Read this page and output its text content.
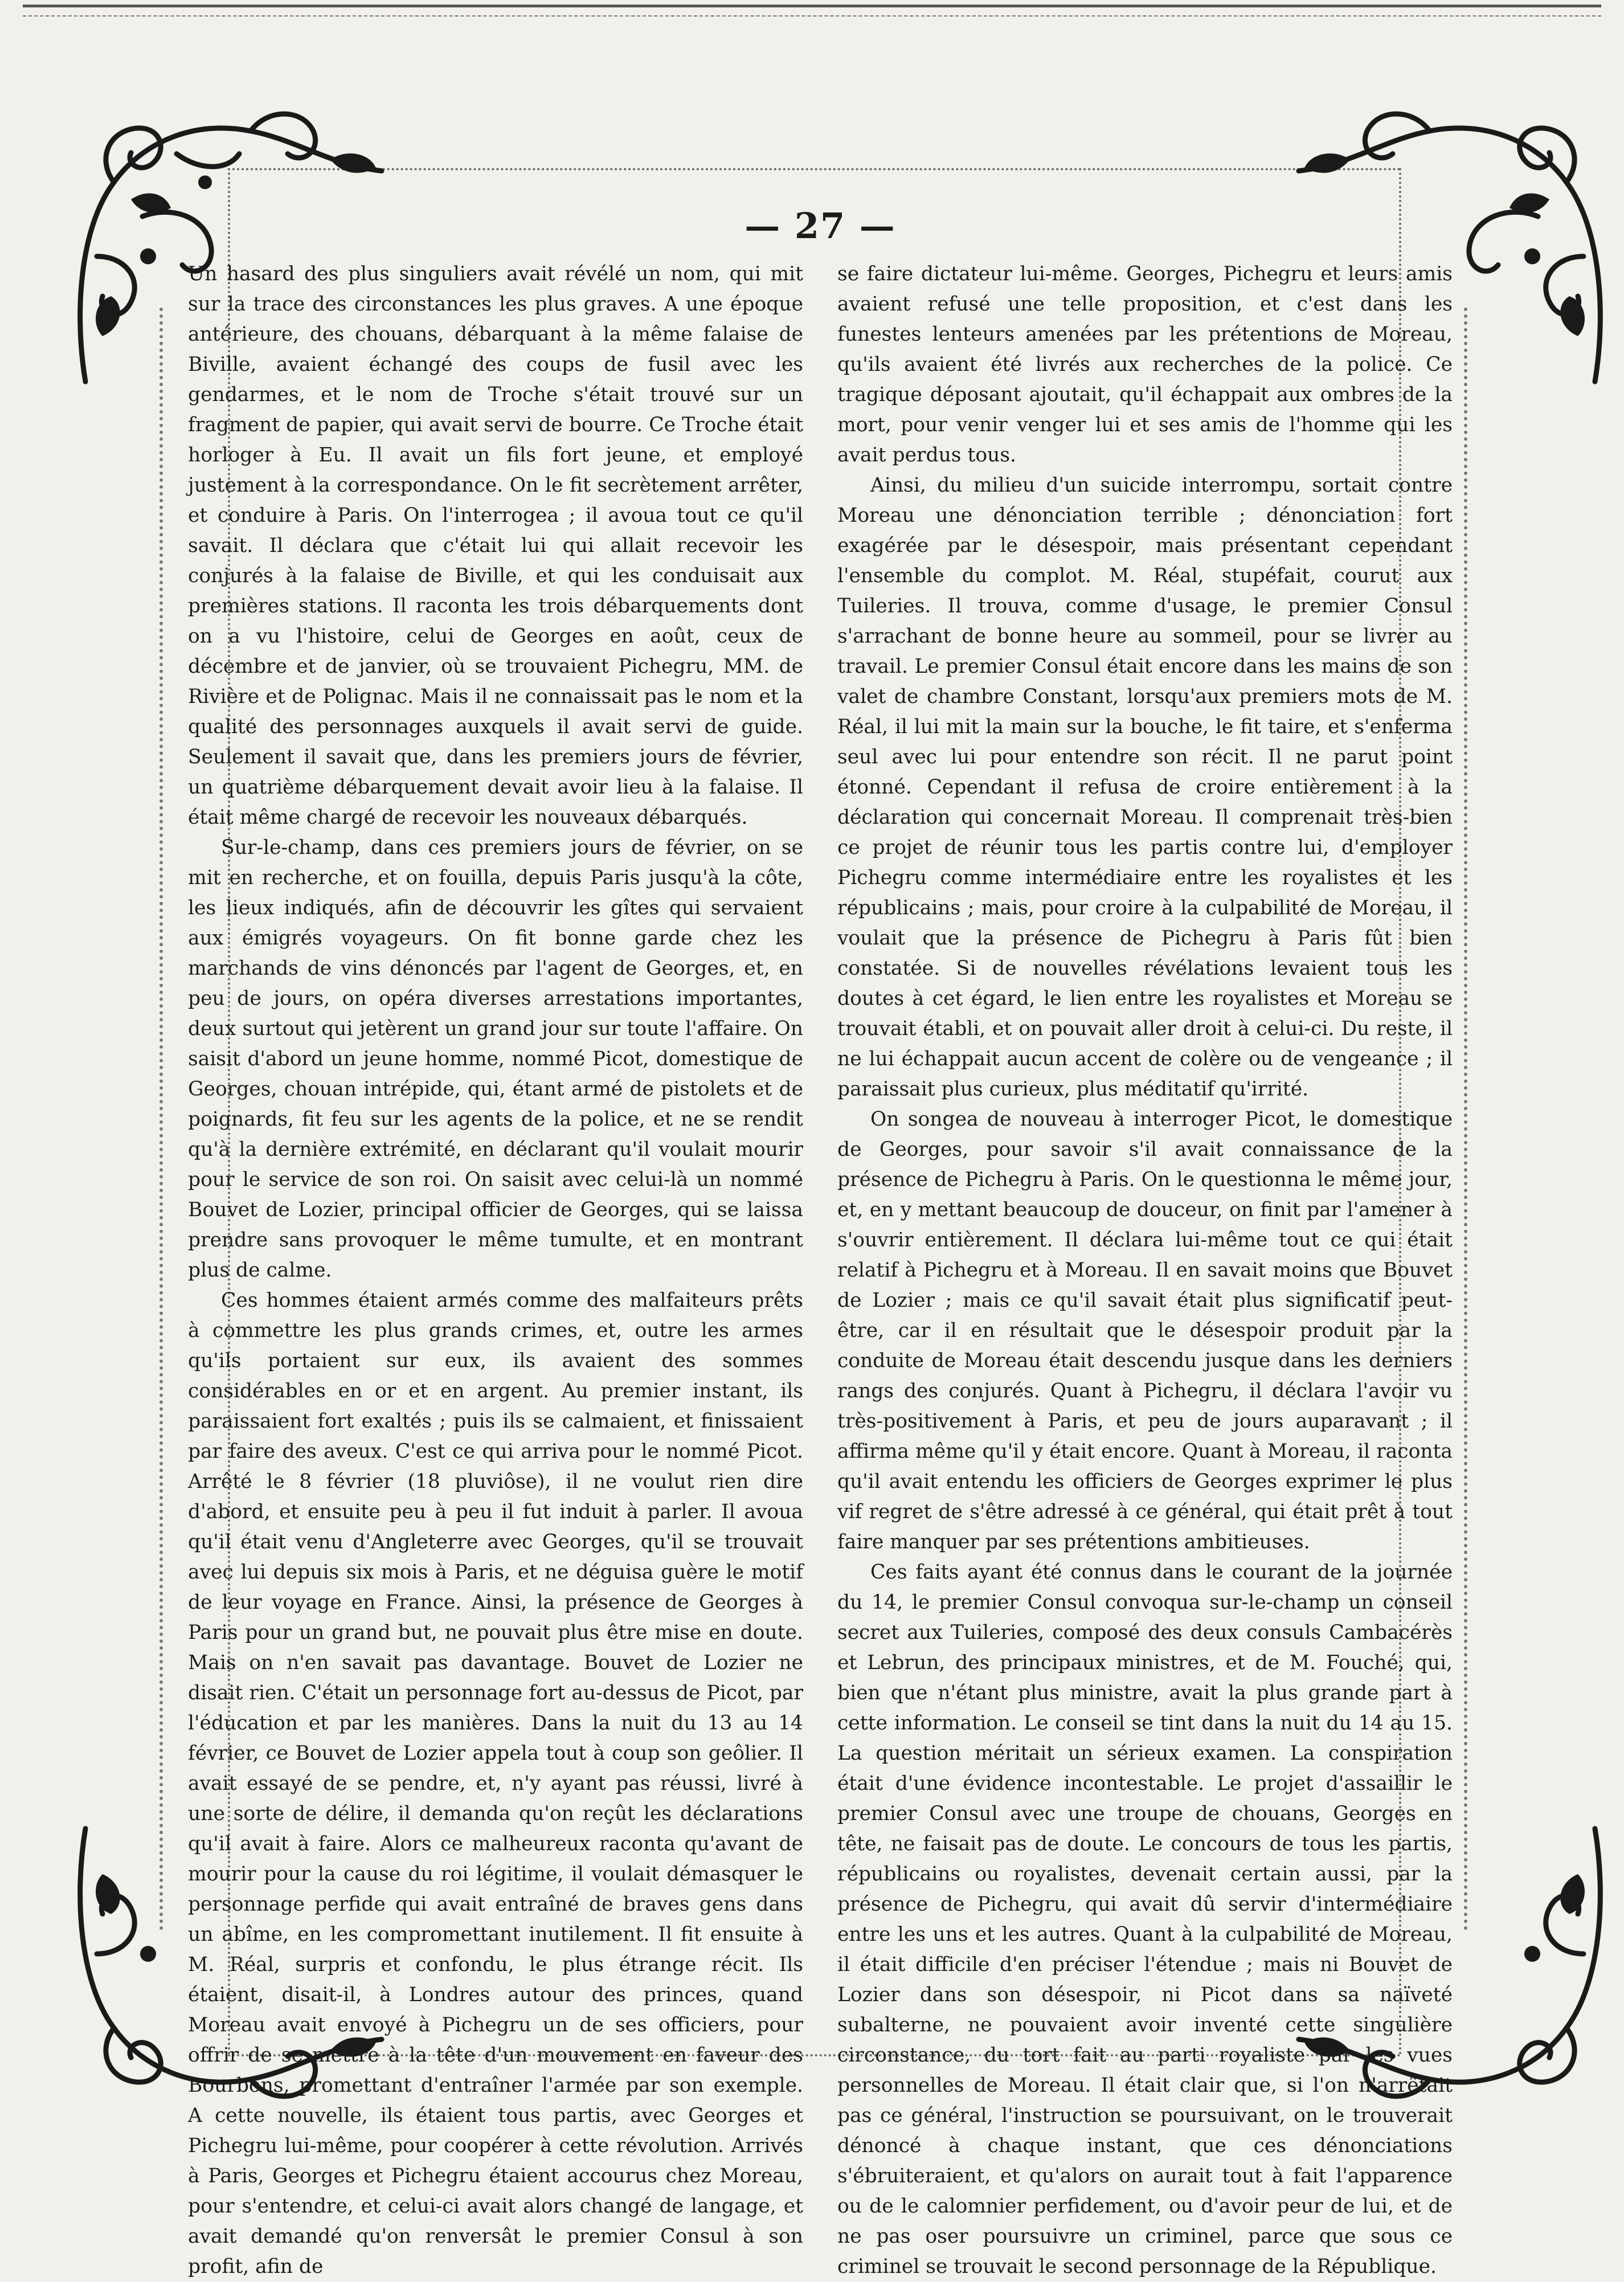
— 27 —

Un hasard des plus singuliers avait révélé un nom, qui mit sur la trace des circonstances les plus graves. A une époque antérieure, des chouans, débarquant à la même falaise de Biville, avaient échangé des coups de fusil avec les gendarmes, et le nom de Troche s'était trouvé sur un fragment de papier, qui avait servi de bourre. Ce Troche était horloger à Eu. Il avait un fils fort jeune, et employé justement à la correspondance. On le fit secrètement arrêter, et conduire à Paris. On l'interrogea ; il avoua tout ce qu'il savait. Il déclara que c'était lui qui allait recevoir les conjurés à la falaise de Biville, et qui les conduisait aux premières stations. Il raconta les trois débarquements dont on a vu l'histoire, celui de Georges en août, ceux de décembre et de janvier, où se trouvaient Pichegru, MM. de Rivière et de Polignac. Mais il ne connaissait pas le nom et la qualité des personnages auxquels il avait servi de guide. Seulement il savait que, dans les premiers jours de février, un quatrième débarquement devait avoir lieu à la falaise. Il était même chargé de recevoir les nouveaux débarqués.

Sur-le-champ, dans ces premiers jours de février, on se mit en recherche, et on fouilla, depuis Paris jusqu'à la côte, les lieux indiqués, afin de découvrir les gîtes qui servaient aux émigrés voyageurs. On fit bonne garde chez les marchands de vins dénoncés par l'agent de Georges, et, en peu de jours, on opéra diverses arrestations importantes, deux surtout qui jetèrent un grand jour sur toute l'affaire. On saisit d'abord un jeune homme, nommé Picot, domestique de Georges, chouan intrépide, qui, étant armé de pistolets et de poignards, fit feu sur les agents de la police, et ne se rendit qu'à la dernière extrémité, en déclarant qu'il voulait mourir pour le service de son roi. On saisit avec celui-là un nommé Bouvet de Lozier, principal officier de Georges, qui se laissa prendre sans provoquer le même tumulte, et en montrant plus de calme.

Ces hommes étaient armés comme des malfaiteurs prêts à commettre les plus grands crimes, et, outre les armes qu'ils portaient sur eux, ils avaient des sommes considérables en or et en argent. Au premier instant, ils paraissaient fort exaltés ; puis ils se calmaient, et finissaient par faire des aveux. C'est ce qui arriva pour le nommé Picot. Arrêté le 8 février (18 pluviôse), il ne voulut rien dire d'abord, et ensuite peu à peu il fut induit à parler. Il avoua qu'il était venu d'Angleterre avec Georges, qu'il se trouvait avec lui depuis six mois à Paris, et ne déguisa guère le motif de leur voyage en France. Ainsi, la présence de Georges à Paris pour un grand but, ne pouvait plus être mise en doute. Mais on n'en savait pas davantage. Bouvet de Lozier ne disait rien. C'était un personnage fort au-dessus de Picot, par l'éducation et par les manières. Dans la nuit du 13 au 14 février, ce Bouvet de Lozier appela tout à coup son geôlier. Il avait essayé de se pendre, et, n'y ayant pas réussi, livré à une sorte de délire, il demanda qu'on reçût les déclarations qu'il avait à faire. Alors ce malheureux raconta qu'avant de mourir pour la cause du roi légitime, il voulait démasquer le personnage perfide qui avait entraîné de braves gens dans un abîme, en les compromettant inutilement. Il fit ensuite à M. Réal, surpris et confondu, le plus étrange récit. Ils étaient, disait-il, à Londres autour des princes, quand Moreau avait envoyé à Pichegru un de ses officiers, pour offrir de se mettre à la tête d'un mouvement en faveur des Bourbons, promettant d'entraîner l'armée par son exemple. A cette nouvelle, ils étaient tous partis, avec Georges et Pichegru lui-même, pour coopérer à cette révolution. Arrivés à Paris, Georges et Pichegru étaient accourus chez Moreau, pour s'entendre, et celui-ci avait alors changé de langage, et avait demandé qu'on renversât le premier Consul à son profit, afin de

se faire dictateur lui-même. Georges, Pichegru et leurs amis avaient refusé une telle proposition, et c'est dans les funestes lenteurs amenées par les prétentions de Moreau, qu'ils avaient été livrés aux recherches de la police. Ce tragique déposant ajoutait, qu'il échappait aux ombres de la mort, pour venir venger lui et ses amis de l'homme qui les avait perdus tous.

Ainsi, du milieu d'un suicide interrompu, sortait contre Moreau une dénonciation terrible ; dénonciation fort exagérée par le désespoir, mais présentant cependant l'ensemble du complot. M. Réal, stupéfait, courut aux Tuileries. Il trouva, comme d'usage, le premier Consul s'arrachant de bonne heure au sommeil, pour se livrer au travail. Le premier Consul était encore dans les mains de son valet de chambre Constant, lorsqu'aux premiers mots de M. Réal, il lui mit la main sur la bouche, le fit taire, et s'enferma seul avec lui pour entendre son récit. Il ne parut point étonné. Cependant il refusa de croire entièrement à la déclaration qui concernait Moreau. Il comprenait très-bien ce projet de réunir tous les partis contre lui, d'employer Pichegru comme intermédiaire entre les royalistes et les républicains ; mais, pour croire à la culpabilité de Moreau, il voulait que la présence de Pichegru à Paris fût bien constatée. Si de nouvelles révélations levaient tous les doutes à cet égard, le lien entre les royalistes et Moreau se trouvait établi, et on pouvait aller droit à celui-ci. Du reste, il ne lui échappait aucun accent de colère ou de vengeance ; il paraissait plus curieux, plus méditatif qu'irrité.

On songea de nouveau à interroger Picot, le domestique de Georges, pour savoir s'il avait connaissance de la présence de Pichegru à Paris. On le questionna le même jour, et, en y mettant beaucoup de douceur, on finit par l'amener à s'ouvrir entièrement. Il déclara lui-même tout ce qui était relatif à Pichegru et à Moreau. Il en savait moins que Bouvet de Lozier ; mais ce qu'il savait était plus significatif peut-être, car il en résultait que le désespoir produit par la conduite de Moreau était descendu jusque dans les derniers rangs des conjurés. Quant à Pichegru, il déclara l'avoir vu très-positivement à Paris, et peu de jours auparavant ; il affirma même qu'il y était encore. Quant à Moreau, il raconta qu'il avait entendu les officiers de Georges exprimer le plus vif regret de s'être adressé à ce général, qui était prêt à tout faire manquer par ses prétentions ambitieuses.

Ces faits ayant été connus dans le courant de la journée du 14, le premier Consul convoqua sur-le-champ un conseil secret aux Tuileries, composé des deux consuls Cambacérès et Lebrun, des principaux ministres, et de M. Fouché, qui, bien que n'étant plus ministre, avait la plus grande part à cette information. Le conseil se tint dans la nuit du 14 au 15. La question méritait un sérieux examen. La conspiration était d'une évidence incontestable. Le projet d'assaillir le premier Consul avec une troupe de chouans, Georges en tête, ne faisait pas de doute. Le concours de tous les partis, républicains ou royalistes, devenait certain aussi, par la présence de Pichegru, qui avait dû servir d'intermédiaire entre les uns et les autres. Quant à la culpabilité de Moreau, il était difficile d'en préciser l'étendue ; mais ni Bouvet de Lozier dans son désespoir, ni Picot dans sa naïveté subalterne, ne pouvaient avoir inventé cette singulière circonstance, du tort fait au parti royaliste par les vues personnelles de Moreau. Il était clair que, si l'on n'arrêtait pas ce général, l'instruction se poursuivant, on le trouverait dénoncé à chaque instant, que ces dénonciations s'ébruiteraient, et qu'alors on aurait tout à fait l'apparence ou de le calomnier perfidement, ou d'avoir peur de lui, et de ne pas oser poursuivre un criminel, parce que sous ce criminel se trouvait le second personnage de la République.
